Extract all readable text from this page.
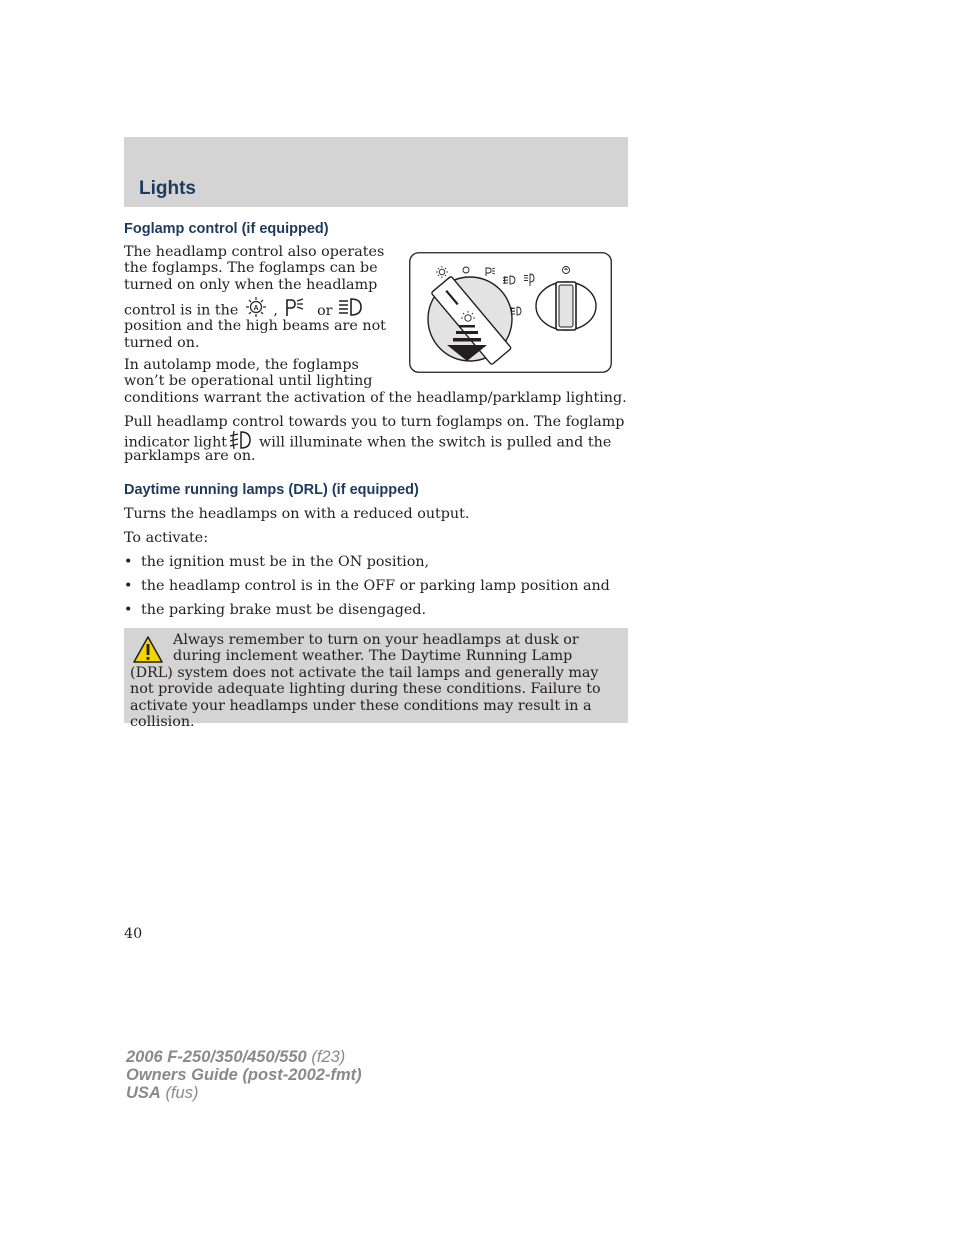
Lights
Foglamp control (if equipped)
The headlamp control also operates
the foglamps. The foglamps can be
turned on only when the headlamp
control is in the A ,	or
position and the high beams are not
turned on.
In autolamp mode, the foglamps
won’t be operational until lighting
conditions warrant the activation of the headlamp/parklamp lighting.
Pull headlamp control towards you to turn foglamps on. The foglamp
indicator light will illuminate when the switch is pulled and the
parklamps are on.
Daytime running lamps (DRL) (if equipped)
Turns the headlamps on with a reduced output.
To activate:
• the ignition must be in the ON position,
• the headlamp control is in the OFF or parking lamp position and
• the parking brake must be disengaged.
Always remember to turn on your headlamps at dusk or during inclement weather. The Daytime Running Lamp (DRL) system does not activate the tail lamps and generally may not provide adequate lighting during these conditions. Failure to activate your headlamps under these conditions may result in a collision.
40
2006 F-250/350/450/550 (f23)
Owners Guide (post-2002-fmt)
USA (fus)
